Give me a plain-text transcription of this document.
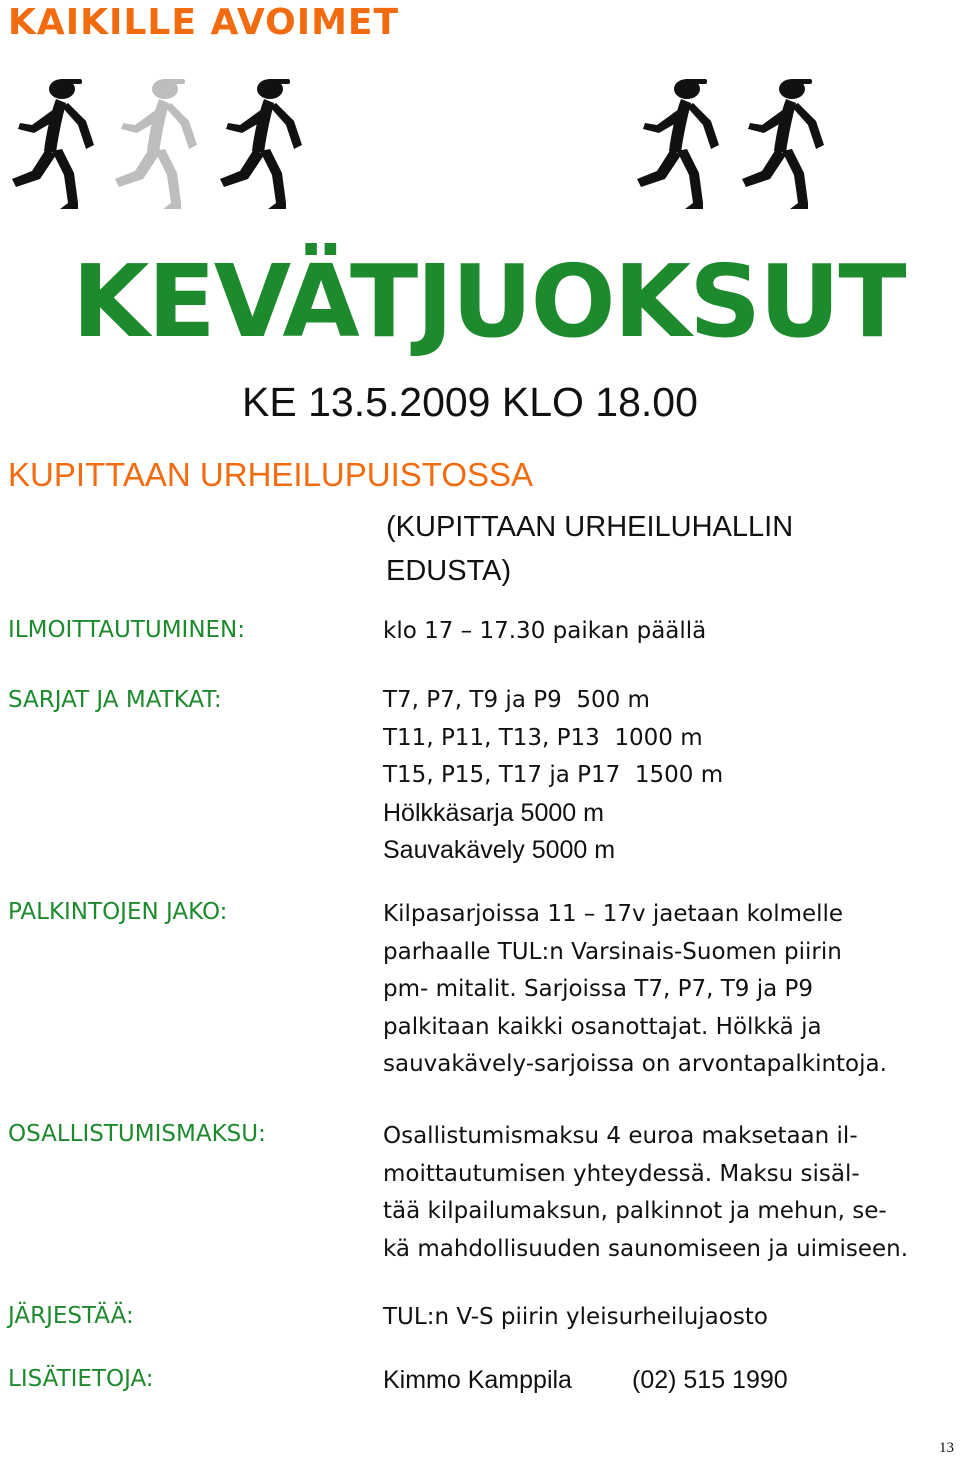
KAIKILLE AVOIMET
KEVÄTJUOKSUT
KE 13.5.2009 KLO 18.00
KUPITTAAN URHEILUPUISTOSSA
(KUPITTAAN URHEILUHALLIN
EDUSTA)
ILMOITTAUTUMINEN:	klo 17 – 17.30 paikan päällä
SARJAT JA MATKAT:	T7, P7, T9 ja P9  500 m
T11, P11, T13, P13  1000 m
T15, P15, T17 ja P17  1500 m
Hölkkäsarja 5000 m
Sauvakävely 5000 m
PALKINTOJEN JAKO:	Kilpasarjoissa 11 – 17v jaetaan kolmelle
parhaalle TUL:n Varsinais-Suomen piirin
pm- mitalit. Sarjoissa T7, P7, T9 ja P9
palkitaan kaikki osanottajat. Hölkkä ja
sauvakävely-sarjoissa on arvontapalkintoja.
OSALLISTUMISMAKSU:	Osallistumismaksu 4 euroa maksetaan il-
moittautumisen yhteydessä. Maksu sisäl-
tää kilpailumaksun, palkinnot ja mehun, se-
kä mahdollisuuden saunomiseen ja uimiseen.
JÄRJESTÄÄ:	TUL:n V-S piirin yleisurheilujaosto
LISÄTIETOJA:	Kimmo Kamppila (02) 515 1990
13
